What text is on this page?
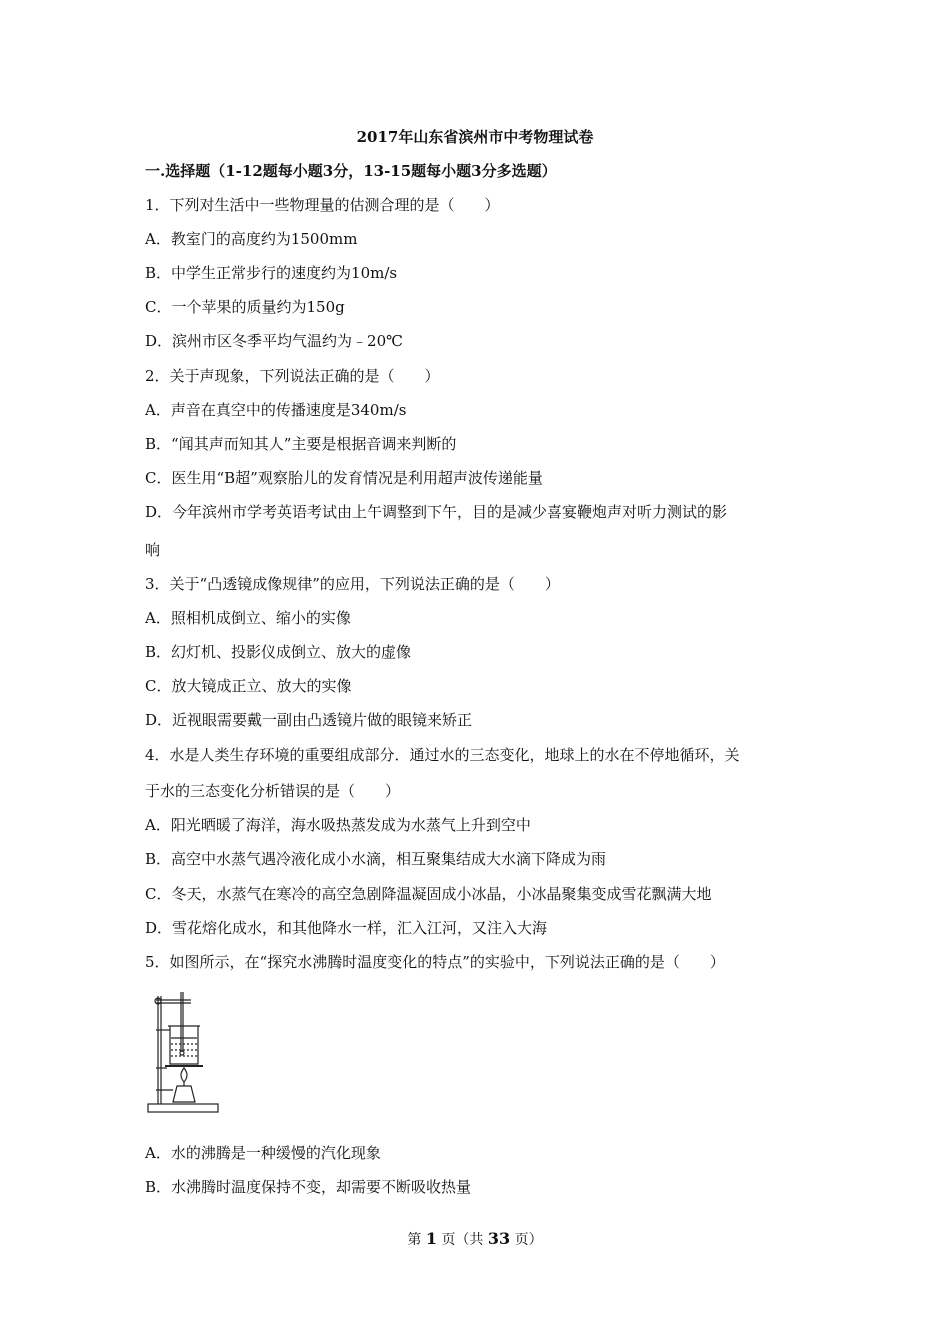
2017年山东省滨州市中考物理试卷
一.选择题（1-12题每小题3分，13-15题每小题3分多选题）
1．下列对生活中一些物理量的估测合理的是（　　）
A．教室门的高度约为1500mm
B．中学生正常步行的速度约为10m/s
C．一个苹果的质量约为150g
D．滨州市区冬季平均气温约为﹣20℃
2．关于声现象，下列说法正确的是（　　）
A．声音在真空中的传播速度是340m/s
B．“闻其声而知其人”主要是根据音调来判断的
C．医生用“B超”观察胎儿的发育情况是利用超声波传递能量
D．今年滨州市学考英语考试由上午调整到下午，目的是减少喜宴鞭炮声对听力测试的影
响
3．关于“凸透镜成像规律”的应用，下列说法正确的是（　　）
A．照相机成倒立、缩小的实像
B．幻灯机、投影仪成倒立、放大的虚像
C．放大镜成正立、放大的实像
D．近视眼需要戴一副由凸透镜片做的眼镜来矫正
4．水是人类生存环境的重要组成部分．通过水的三态变化，地球上的水在不停地循环，关
于水的三态变化分析错误的是（　　）
A．阳光晒暖了海洋，海水吸热蒸发成为水蒸气上升到空中
B．高空中水蒸气遇冷液化成小水滴，相互聚集结成大水滴下降成为雨
C．冬天，水蒸气在寒冷的高空急剧降温凝固成小冰晶，小冰晶聚集变成雪花飘满大地
D．雪花熔化成水，和其他降水一样，汇入江河，又注入大海
5．如图所示，在“探究水沸腾时温度变化的特点”的实验中，下列说法正确的是（　　）
A．水的沸腾是一种缓慢的汽化现象
B．水沸腾时温度保持不变，却需要不断吸收热量
第 1 页（共 33 页）
